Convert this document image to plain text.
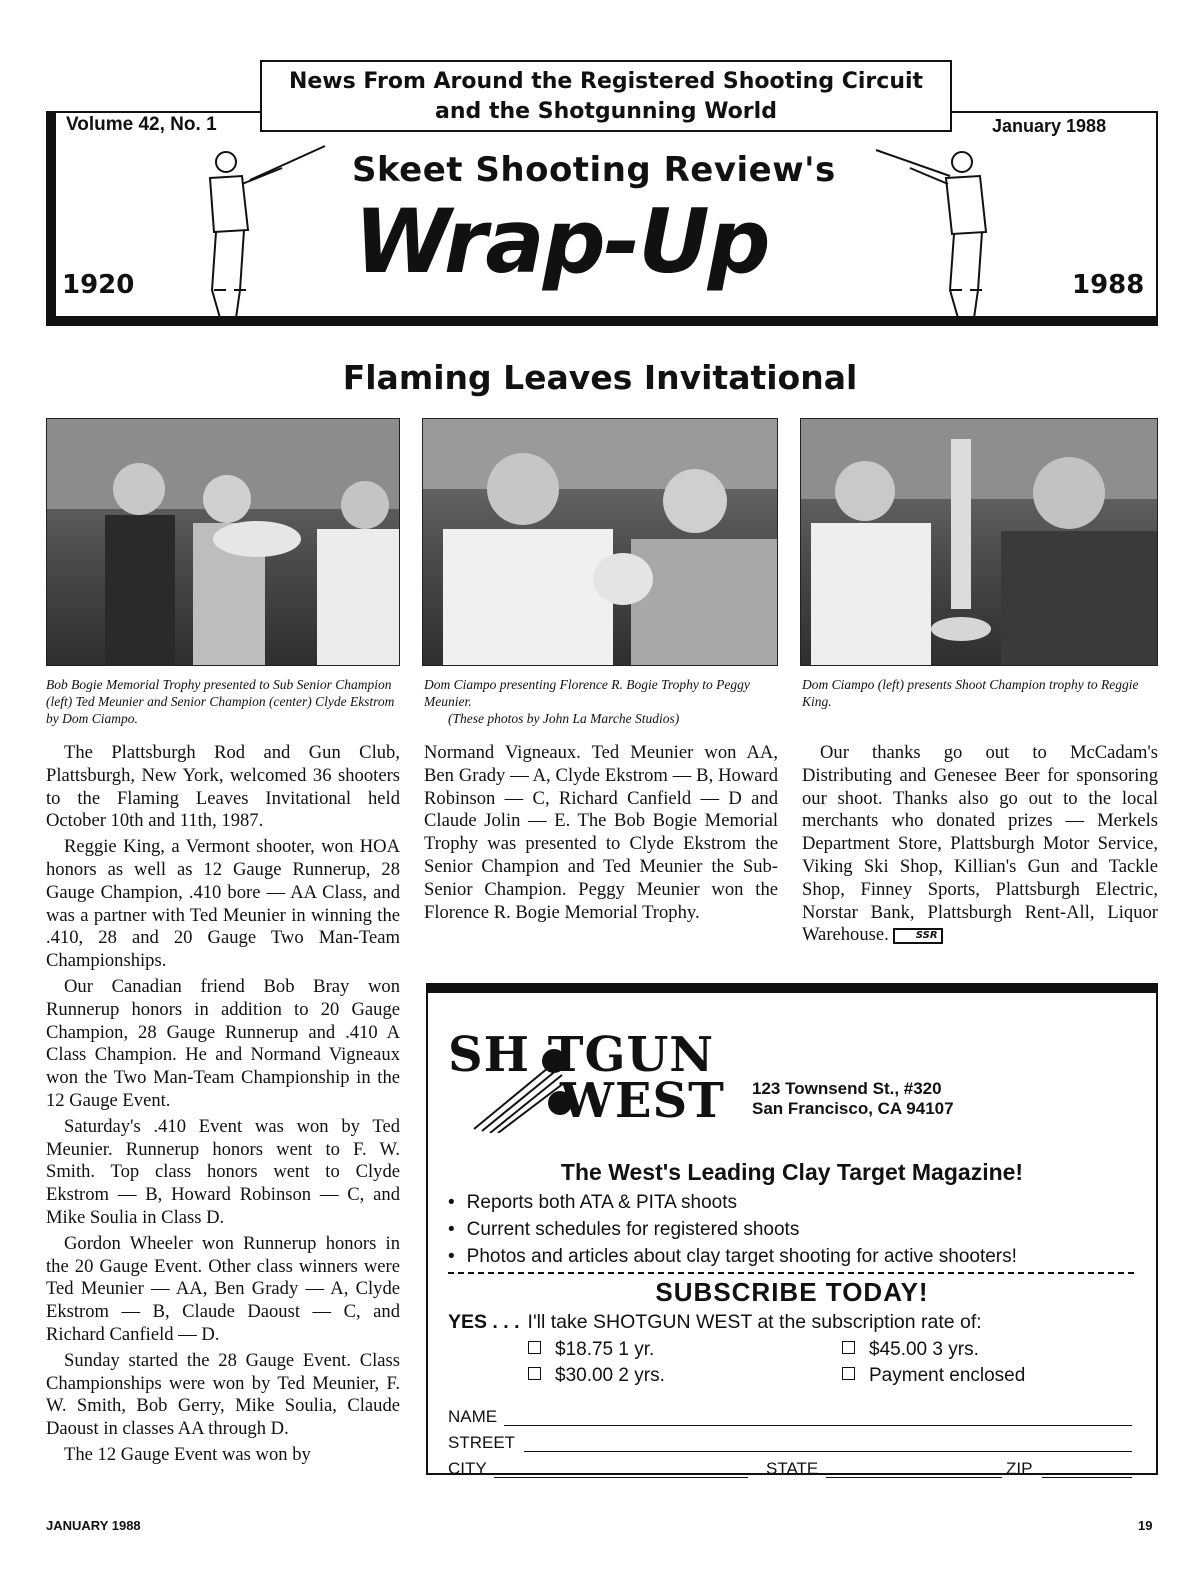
News From Around the Registered Shooting Circuit
and the Shotgunning World
Volume 42, No. 1	January 1988
Skeet Shooting Review's
Wrap-Up
1920	1988
Flaming Leaves Invitational
Bob Bogie Memorial Trophy presented to Sub Senior Champion (left) Ted Meunier and Senior Champion (center) Clyde Ekstrom by Dom Ciampo.
Dom Ciampo presenting Florence R. Bogie Trophy to Peggy Meunier.
(These photos by John La Marche Studios)
Dom Ciampo (left) presents Shoot Champion trophy to Reggie King.

The Plattsburgh Rod and Gun Club, Plattsburgh, New York, welcomed 36 shooters to the Flaming Leaves Invitational held October 10th and 11th, 1987.

Reggie King, a Vermont shooter, won HOA honors as well as 12 Gauge Runnerup, 28 Gauge Champion, .410 bore — AA Class, and was a partner with Ted Meunier in winning the .410, 28 and 20 Gauge Two Man-Team Championships.

Our Canadian friend Bob Bray won Runnerup honors in addition to 20 Gauge Champion, 28 Gauge Runnerup and .410 A Class Champion. He and Normand Vigneaux won the Two Man-Team Championship in the 12 Gauge Event.

Saturday's .410 Event was won by Ted Meunier. Runnerup honors went to F. W. Smith. Top class honors went to Clyde Ekstrom — B, Howard Robinson — C, and Mike Soulia in Class D.

Gordon Wheeler won Runnerup honors in the 20 Gauge Event. Other class winners were Ted Meunier — AA, Ben Grady — A, Clyde Ekstrom — B, Claude Daoust — C, and Richard Canfield — D.

Sunday started the 28 Gauge Event. Class Championships were won by Ted Meunier, F. W. Smith, Bob Gerry, Mike Soulia, Claude Daoust in classes AA through D.

The 12 Gauge Event was won by

Normand Vigneaux. Ted Meunier won AA, Ben Grady — A, Clyde Ekstrom — B, Howard Robinson — C, Richard Canfield — D and Claude Jolin — E. The Bob Bogie Memorial Trophy was presented to Clyde Ekstrom the Senior Champion and Ted Meunier the Sub-Senior Champion. Peggy Meunier won the Florence R. Bogie Memorial Trophy.

Our thanks go out to McCadam's Distributing and Genesee Beer for sponsoring our shoot. Thanks also go out to the local merchants who donated prizes — Merkels Department Store, Plattsburgh Motor Service, Viking Ski Shop, Killian's Gun and Tackle Shop, Finney Sports, Plattsburgh Electric, Norstar Bank, Plattsburgh Rent-All, Liquor Warehouse.	SSR

SH TGUN
WEST 123 Townsend St., #320
San Francisco, CA 94107
The West's Leading Clay Target Magazine!
• Reports both ATA & PITA shoots
• Current schedules for registered shoots
• Photos and articles about clay target shooting for active shooters!
SUBSCRIBE TODAY!
YES . . . I'll take SHOTGUN WEST at the subscription rate of:
$18.75 1 yr.	$45.00 3 yrs.
$30.00 2 yrs.	Payment enclosed
NAME
STREET
CITY	STATE	ZIP
JANUARY 1988	19
